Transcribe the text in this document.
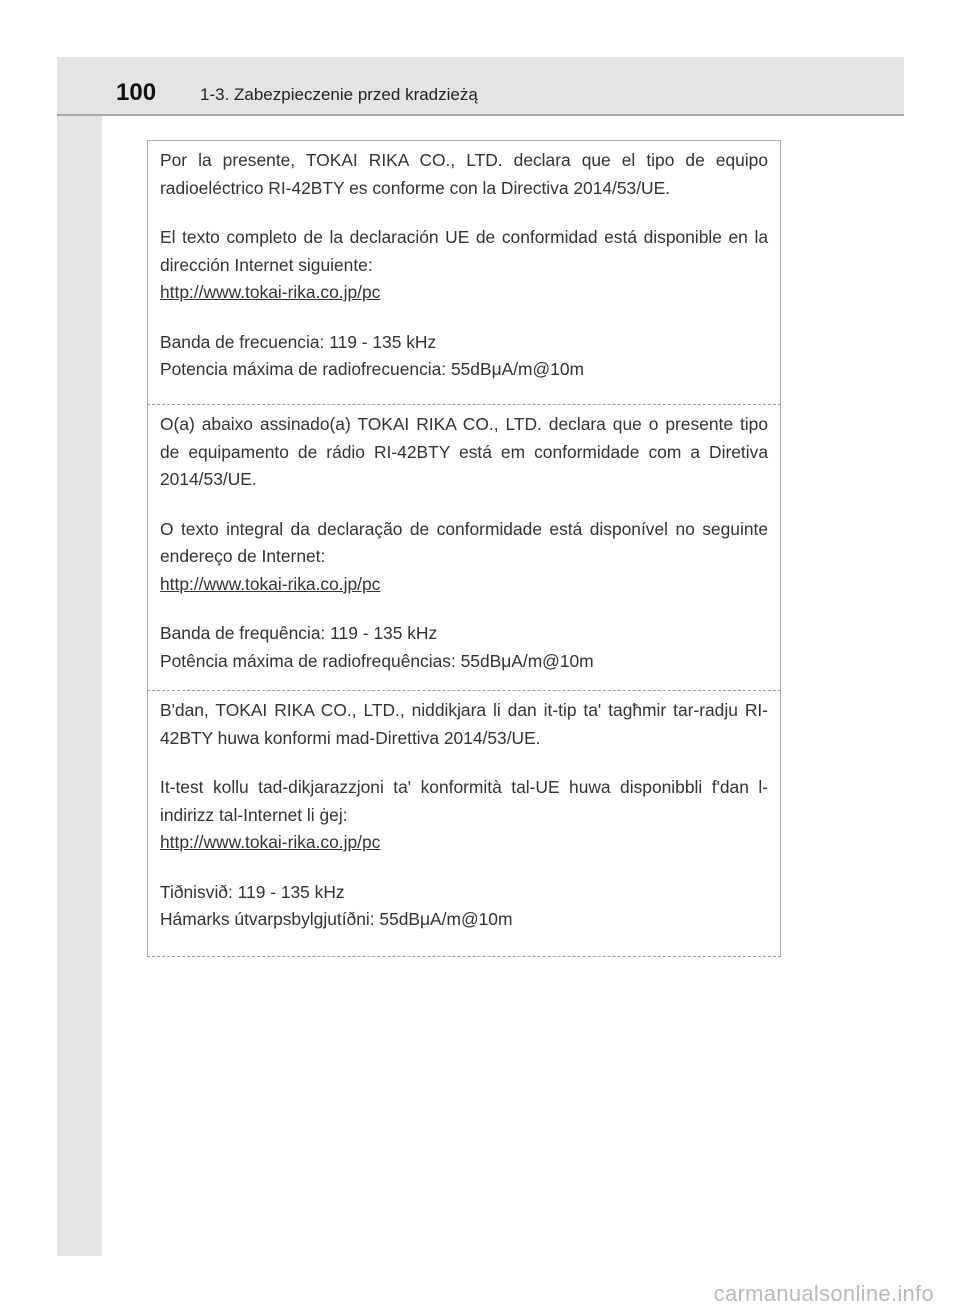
100	1-3. Zabezpieczenie przed kradzieżą

Por la presente, TOKAI RIKA CO., LTD. declara que el tipo de equipo radioeléctrico RI-42BTY es conforme con la Directiva 2014/53/UE.

El texto completo de la declaración UE de conformidad está disponible en la dirección Internet siguiente:

http://www.tokai-rika.co.jp/pc
Banda de frecuencia: 119 - 135 kHz
Potencia máxima de radiofrecuencia: 55dBμA/m@10m

O(a) abaixo assinado(a) TOKAI RIKA CO., LTD. declara que o presente tipo de equipamento de rádio RI-42BTY está em conformidade com a Diretiva 2014/53/UE.

O texto integral da declaração de conformidade está disponível no seguinte endereço de Internet:

http://www.tokai-rika.co.jp/pc
Banda de frequência: 119 - 135 kHz
Potência máxima de radiofrequências: 55dBμA/m@10m

B'dan, TOKAI RIKA CO., LTD., niddikjara li dan it-tip ta' tagħmir tar-radju RI-42BTY huwa konformi mad-Direttiva 2014/53/UE.

It-test kollu tad-dikjarazzjoni ta' konformità tal-UE huwa disponibbli f'dan l-indirizz tal-Internet li ġej:

http://www.tokai-rika.co.jp/pc
Tiðnisvið: 119 - 135 kHz
Hámarks útvarpsbylgjutíðni: 55dBμA/m@10m
carmanualsonline.info
